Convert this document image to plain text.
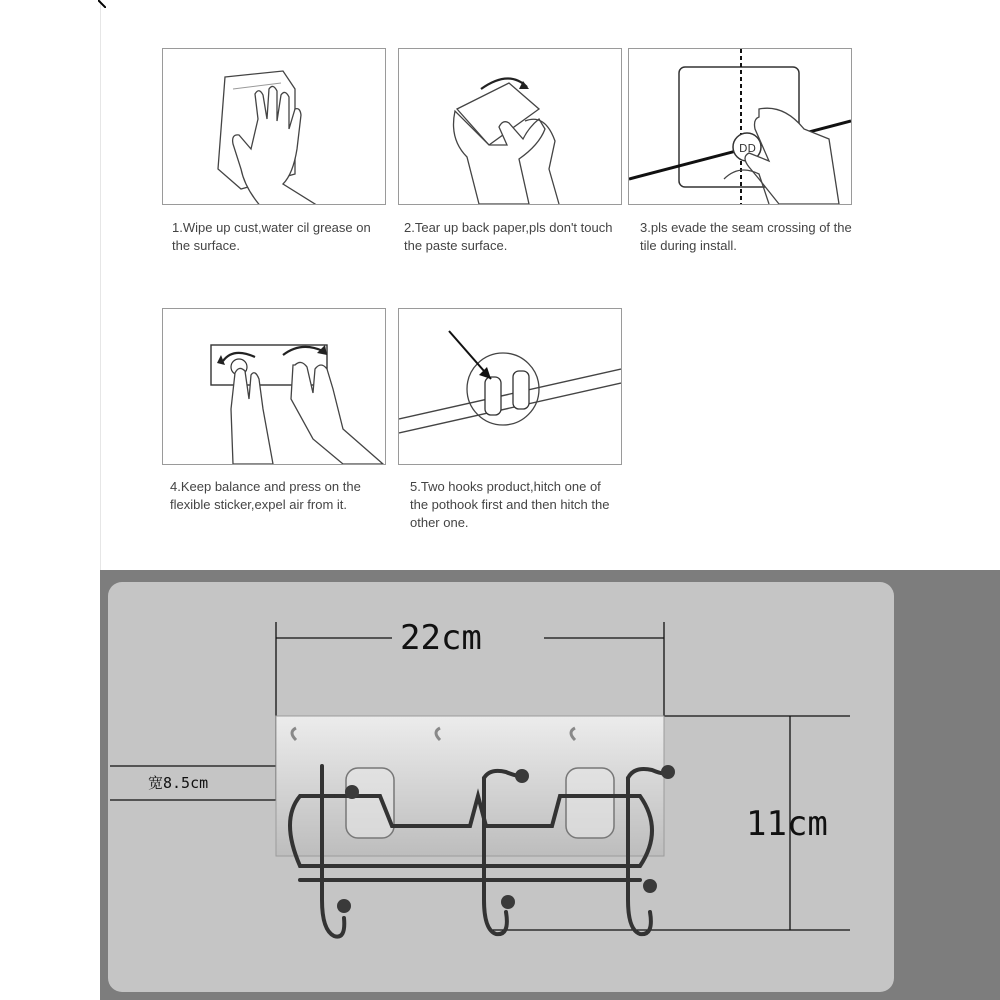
1.Wipe up cust,water cil grease on the surface.
2.Tear up back paper,pls don't touch the paste surface.
DD
3.pls evade the seam crossing of the tile during install.
4.Keep balance and press on the flexible sticker,expel air from it.
5.Two hooks product,hitch one of the pothook first and then hitch the other one.
22cm
宽8.5cm
11cm
